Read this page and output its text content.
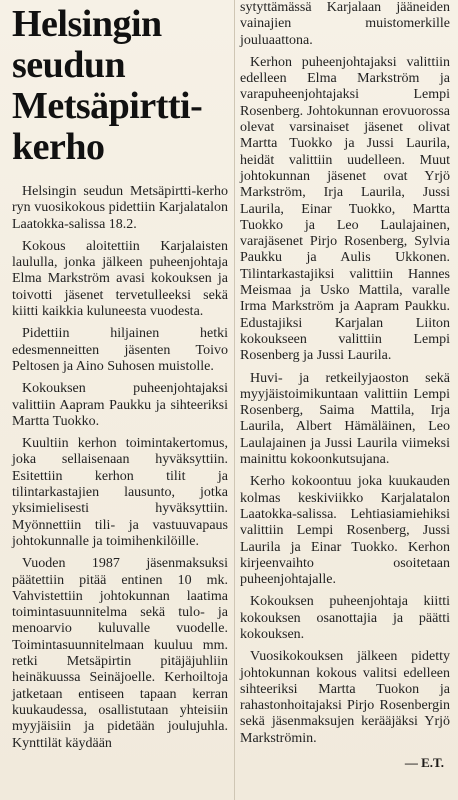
Helsingin seudun Metsäpirtti-kerho

Helsingin seudun Metsäpirtti-kerho ryn vuosikokous pidettiin Karjalatalon Laatokka-salissa 18.2.

Kokous aloitettiin Karjalaisten laululla, jonka jälkeen puheenjohtaja Elma Markström avasi kokouksen ja toivotti jäsenet tervetulleeksi sekä kiitti kaikkia kuluneesta vuodesta.

Pidettiin hiljainen hetki edesmenneitten jäsenten Toivo Peltosen ja Aino Suhosen muistolle.

Kokouksen puheenjohtajaksi valittiin Aapram Paukku ja sihteeriksi Martta Tuokko.

Kuultiin kerhon toimintakertomus, joka sellaisenaan hyväksyttiin. Esitettiin kerhon tilit ja tilintarkastajien lausunto, jotka yksimielisesti hyväksyttiin. Myönnettiin tili- ja vastuuvapaus johtokunnalle ja toimihenkilöille.

Vuoden 1987 jäsenmaksuksi päätettiin pitää entinen 10 mk. Vahvistettiin johtokunnan laatima toimintasuunnitelma sekä tulo- ja menoarvio kuluvalle vuodelle. Toimintasuunnitelmaan kuuluu mm. retki Metsäpirtin pitäjäjuhliin heinäkuussa Seinäjoelle. Kerhoiltoja jatketaan entiseen tapaan kerran kuukaudessa, osallistutaan yhteisiin myyjäisiin ja pidetään joulujuhla. Kynttilät käydään

sytyttämässä Karjalaan jääneiden vainajien muistomerkille jouluaattona.

Kerhon puheenjohtajaksi valittiin edelleen Elma Markström ja varapuheenjohtajaksi Lempi Rosenberg. Johtokunnan erovuorossa olevat varsinaiset jäsenet olivat Martta Tuokko ja Jussi Laurila, heidät valittiin uudelleen. Muut johtokunnan jäsenet ovat Yrjö Markström, Irja Laurila, Jussi Laurila, Einar Tuokko, Martta Tuokko ja Leo Laulajainen, varajäsenet Pirjo Rosenberg, Sylvia Paukku ja Aulis Ukkonen. Tilintarkastajiksi valittiin Hannes Meismaa ja Usko Mattila, varalle Irma Markström ja Aapram Paukku. Edustajiksi Karjalan Liiton kokoukseen valittiin Lempi Rosenberg ja Jussi Laurila.

Huvi- ja retkeilyjaoston sekä myyjäistoimikuntaan valittiin Lempi Rosenberg, Saima Mattila, Irja Laurila, Albert Hämäläinen, Leo Laulajainen ja Jussi Laurila viimeksi mainittu kokoonkutsujana.

Kerho kokoontuu joka kuukauden kolmas keskiviikko Karjalatalon Laatokka-salissa. Lehtiasiamiehiksi valittiin Lempi Rosenberg, Jussi Laurila ja Einar Tuokko. Kerhon kirjeenvaihto osoitetaan puheenjohtajalle.

Kokouksen puheenjohtaja kiitti kokouksen osanottajia ja päätti kokouksen.

Vuosikokouksen jälkeen pidetty johtokunnan kokous valitsi edelleen sihteeriksi Martta Tuokon ja rahastonhoitajaksi Pirjo Rosenbergin sekä jäsenmaksujen kerääjäksi Yrjö Markströmin.

— E.T.
